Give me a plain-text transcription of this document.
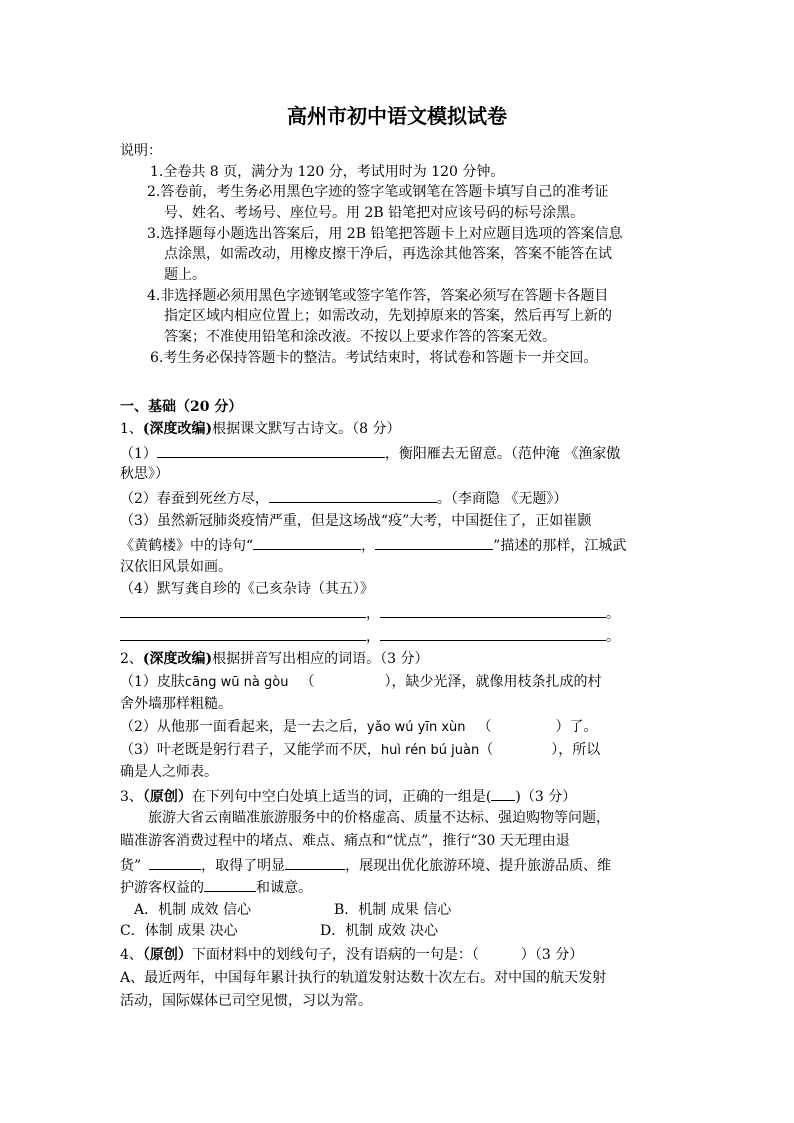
高州市初中语文模拟试卷
说明：
1.全卷共 8 页，满分为 120 分，考试用时为 120 分钟。
2.答卷前，考生务必用黑色字迹的签字笔或钢笔在答题卡填写自己的准考证
号、姓名、考场号、座位号。用 2B 铅笔把对应该号码的标号涂黑。
3.选择题每小题选出答案后，用 2B 铅笔把答题卡上对应题目选项的答案信息
点涂黑，如需改动，用橡皮擦干净后，再选涂其他答案，答案不能答在试
题上。
4.非选择题必须用黑色字迹钢笔或签字笔作答，答案必须写在答题卡各题目
指定区域内相应位置上；如需改动，先划掉原来的答案，然后再写上新的
答案；不准使用铅笔和涂改液。不按以上要求作答的答案无效。
6.考生务必保持答题卡的整洁。考试结束时，将试卷和答题卡一并交回。
一、基础（20 分）
1、(深度改编)根据课文默写古诗文。（8 分）
（1）	，衡阳雁去无留意。（范仲淹 《渔家傲
秋思》）
（2）春蚕到死丝方尽，	。（李商隐 《无题》）
（3）虽然新冠肺炎疫情严重，但是这场战“疫”大考，中国挺住了，正如崔颢
《黄鹤楼》中的诗句“	，	”描述的那样，江城武
汉依旧风景如画。
（4）默写龚自珍的《己亥杂诗（其五）》
，	。
，	。
2、(深度改编)根据拼音写出相应的词语。（3 分）
（1）皮肤cāng wū nà gòu （	），缺少光泽，就像用枝条扎成的村
舍外墙那样粗糙。
（2）从他那一面看起来，是一去之后，yǎo wú yīn xùn （	）了。
（3）叶老既是躬行君子，又能学而不厌，huì rén bú juàn（	），所以
确是人之师表。
3、（原创）在下列句中空白处填上适当的词，正确的一组是( )（3 分）
旅游大省云南瞄准旅游服务中的价格虚高、质量不达标、强迫购物等问题，
瞄准游客消费过程中的堵点、难点、痛点和“忧点”，推行“30 天无理由退
货”	，取得了明显	，展现出优化旅游环境、提升旅游品质、维
护游客权益的	和诚意。
A．机制 成效 信心	B．机制 成果 信心
C．体制 成果 决心	D．机制 成效 决心
4、（原创）下面材料中的划线句子，没有语病的一句是：（	）（3 分）
A、最近两年，中国每年累计执行的轨道发射达数十次左右。对中国的航天发射
活动，国际媒体已司空见惯，习以为常。
